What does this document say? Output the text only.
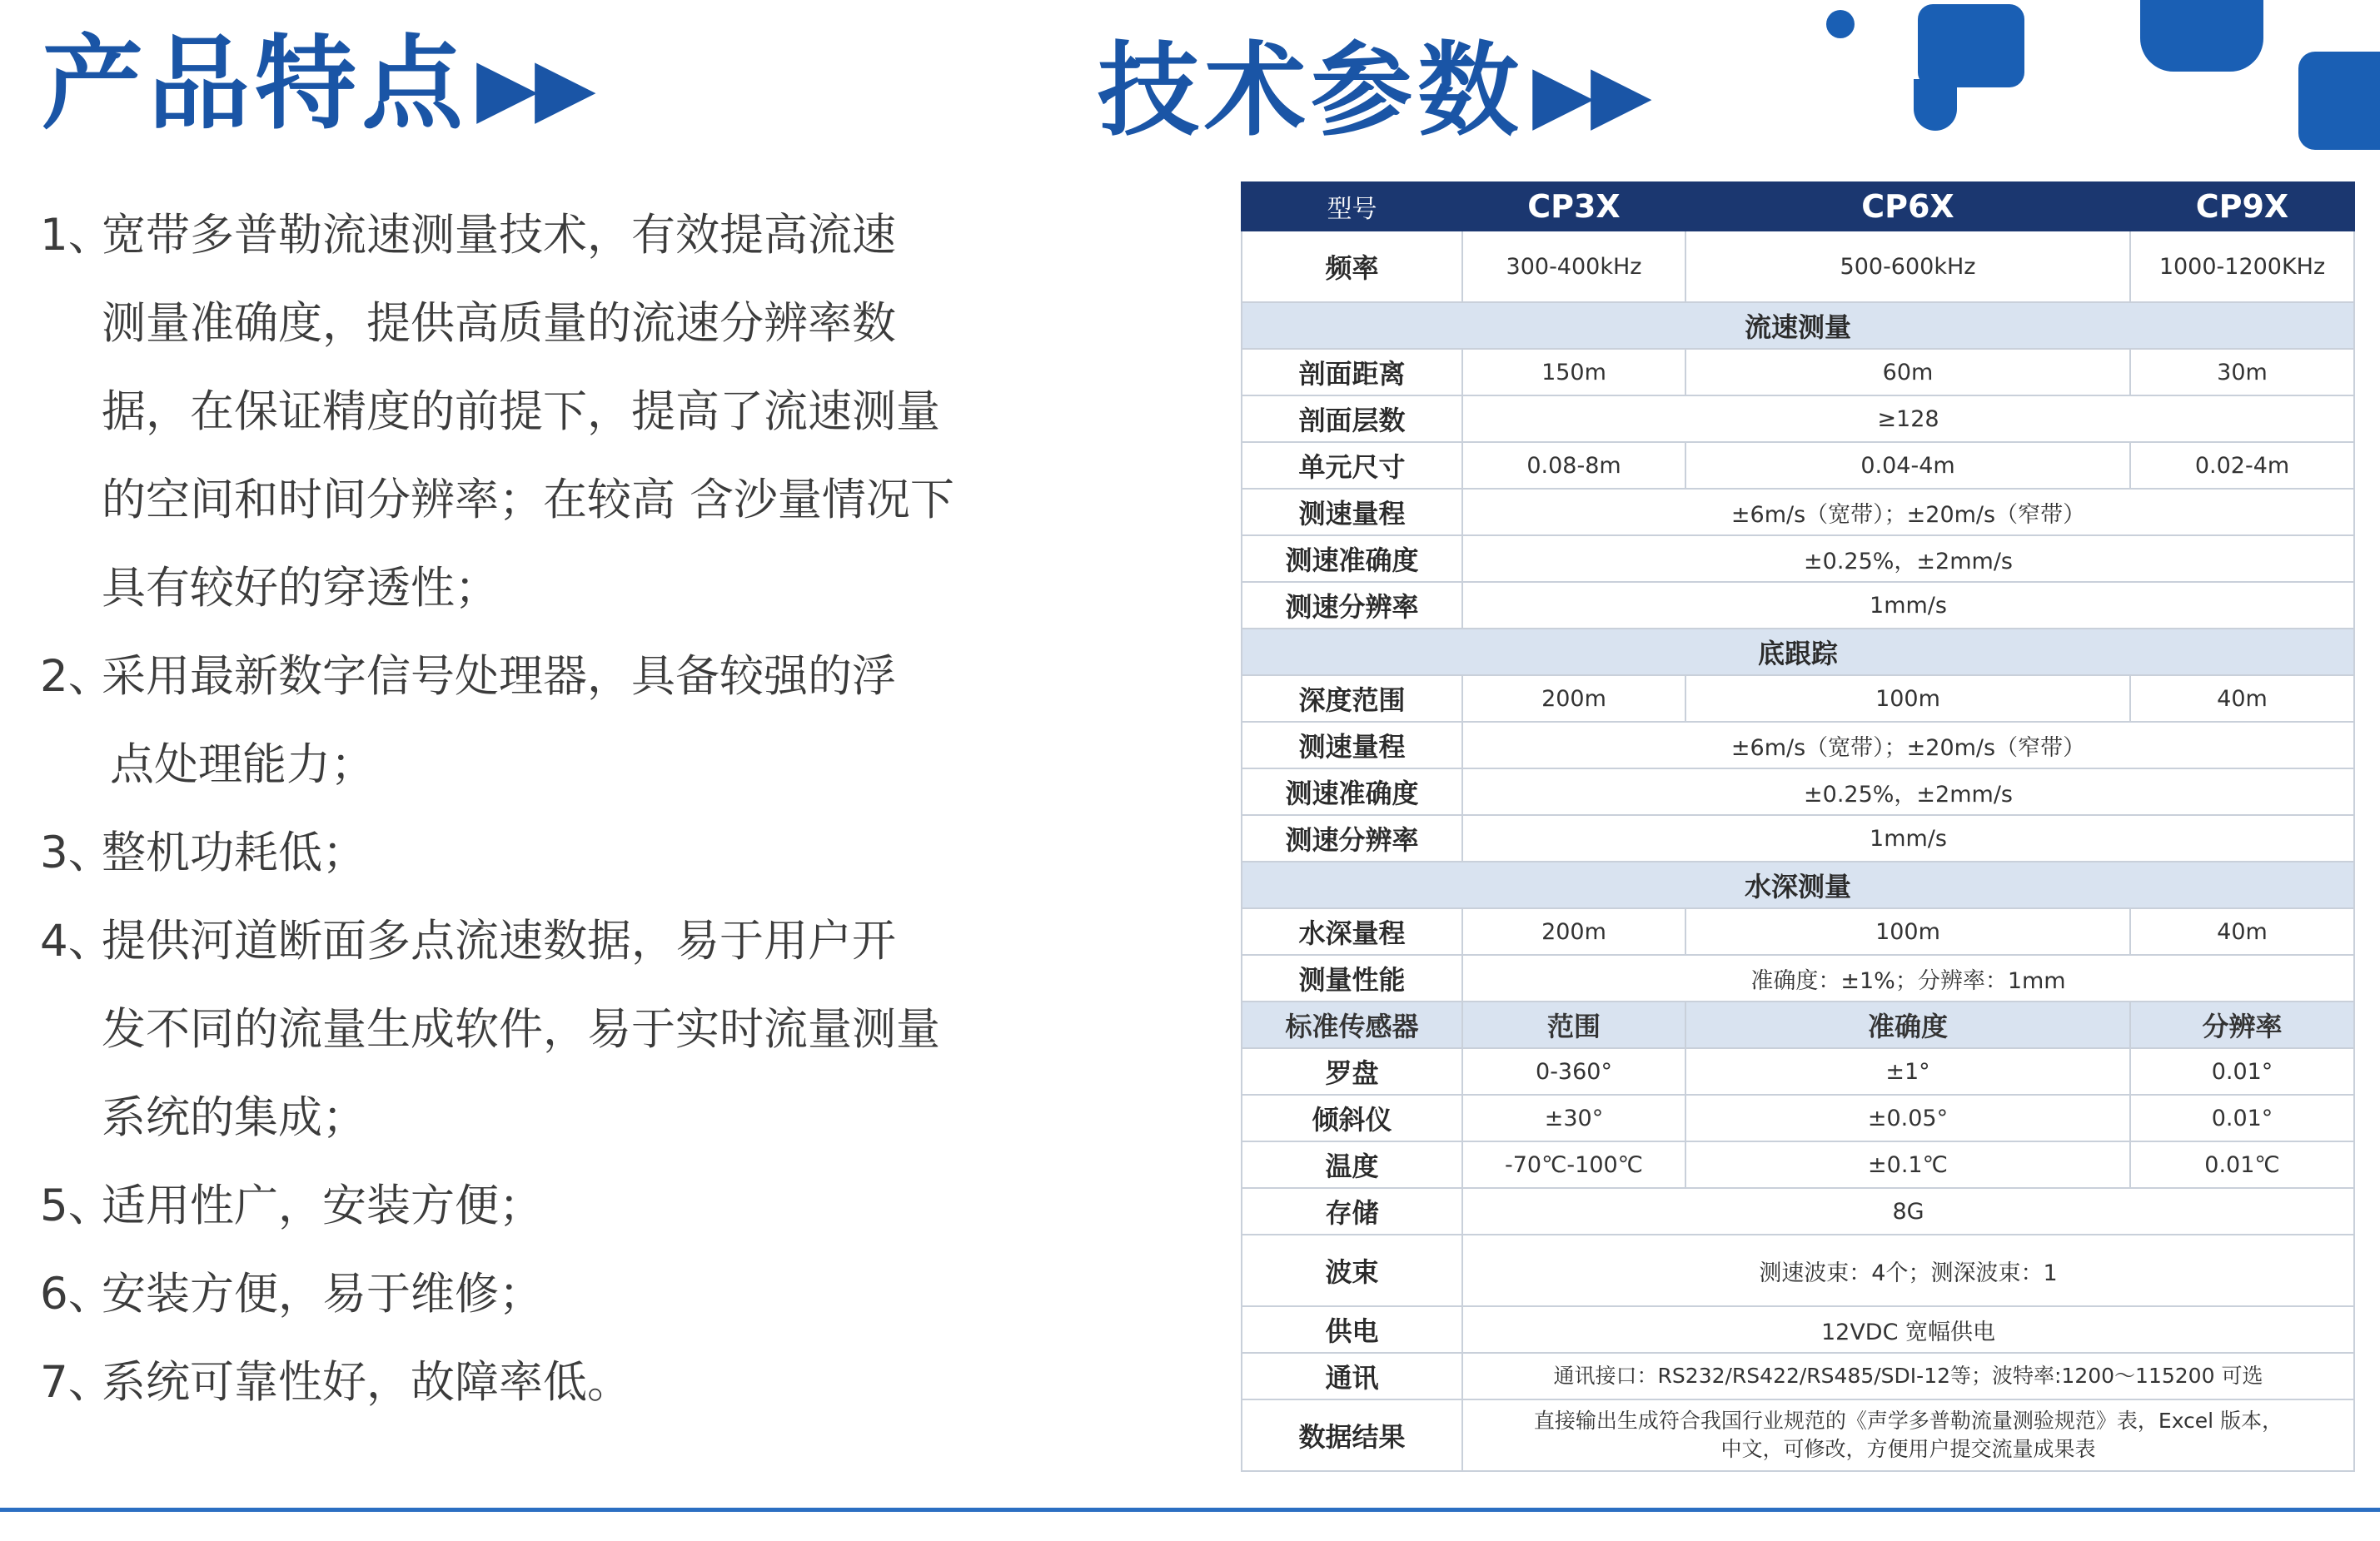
产品特点 ▶▶	技术参数 ▶▶
1、宽带多普勒流速测量技术，有效提高流速
测量准确度，提供高质量的流速分辨率数
据，在保证精度的前提下，提高了流速测量
的空间和时间分辨率；在较高 含沙量情况下
具有较好的穿透性；
2、采用最新数字信号处理器，具备较强的浮
点处理能力；
3、整机功耗低；
4、提供河道断面多点流速数据，易于用户开
发不同的流量生成软件，易于实时流量测量
系统的集成；
5、适用性广，安装方便；
6、安装方便，易于维修；
7、系统可靠性好，故障率低。
型号	CP3X	CP6X	CP9X
频率	300-400kHz	500-600kHz	1000-1200KHz
流速测量			
剖面距离	150m	60m	30m
剖面层数	≥128		
单元尺寸	0.08-8m	0.04-4m	0.02-4m
测速量程	±6m/s（宽带）；±20m/s（窄带）		
测速准确度	±0.25%，±2mm/s		
测速分辨率	1mm/s		
底跟踪			
深度范围	200m	100m	40m
测速量程	±6m/s（宽带）；±20m/s（窄带）		
测速准确度	±0.25%，±2mm/s		
测速分辨率	1mm/s		
水深测量			
水深量程	200m	100m	40m
测量性能	准确度：±1%；分辨率：1mm		
标准传感器	范围	准确度	分辨率
罗盘	0-360°	±1°	0.01°
倾斜仪	±30°	±0.05°	0.01°
温度	-70℃-100℃	±0.1℃	0.01℃
存储	8G		
波束	测速波束：4个；测深波束：1		
供电	12VDC 宽幅供电		
通讯	通讯接口：RS232/RS422/RS485/SDI-12等；波特率:1200～115200 可选		
数据结果	直接输出生成符合我国行业规范的《声学多普勒流量测验规范》表，Excel 版本，
中文，可修改，方便用户提交流量成果表		
